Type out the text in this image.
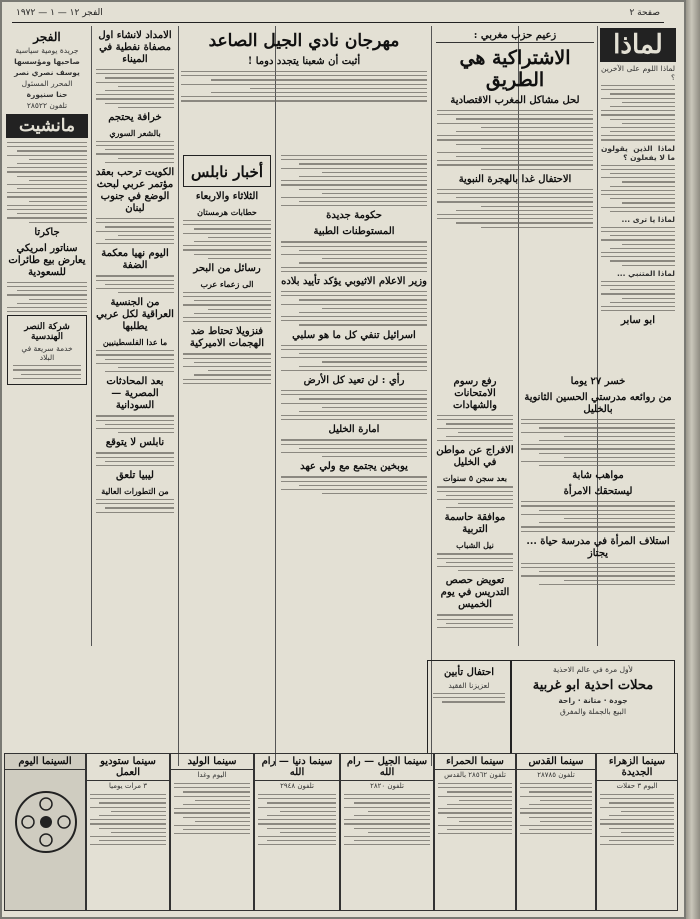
صفحة ٢
الفجر ١٢ — ١ — ١٩٧٢
لماذا
لماذا اللوم على الآخرين ؟
لماذا الذين يقولون ما لا يفعلون ؟
لماذا يا ترى ...
لماذا المتنبي ...
ابو سابر
خسر ٢٧ يوما
من روائعه مدرستي الحسين الثانوية بالخليل
مواهب شابة
ليستحقك الامرأة
استلاف المرأة في مدرسة حياة ... يجتاز
زعيم حزب مغربي :
الاشتراكية هي الطريق
لحل مشاكل المغرب الاقتصادية
الاحتفال غدا بالهجرة النبوية
رفع رسوم الامتحانات والشهادات
الافراج عن مواطن في الخليل
بعد سجن ٥ سنوات
موافقة حاسمة التربية
نيل الشباب
تعويض حصص التدريس في يوم الخميس
مهرجان نادي الجيل الصاعد
أثبت أن شعبنا يتجدد دوما !
حكومة جديدة
المستوطنات الطبية
وزير الاعلام الاثيوبي يؤكد تأييد بلاده
اسرائيل تنفي كل ما هو سلبي
رأي : لن تعيد كل الأرض
امارة الخليل
يوبخين يجتمع مع ولي عهد
أخبار نابلس
الثلاثاء والاربعاء
حطابات هرمستان
رسائل من البحر
الى زعماء عرب
فنزويلا تحتاط ضد الهجمات الاميركية
الامداد لانشاء اول مصفاة نفطية في الميناء
خرافة يحتجم
بالشعر السوري
الكويت ترحب بعقد مؤتمر عربي لبحث الوضع في جنوب لبنان
اليوم نهيا معكمة الضفة
من الجنسية العراقية لكل عربي يطلبها
ما عدا الفلسطينيين
بعد المحادثات المصرية — السودانية
نابلس لا يتوقع
ليبيا تلعق
من التطورات العالية
الفجر
جريدة يومية سياسية
صاحبها ومؤسسها
يوسف نصري نصر
المحرر المسئول
حنا سنيورة
تلفون ٢٨٥٢٢
مانشيت
جاكرتا
سناتور امريكي يعارض بيع طائرات للسعودية
شركة النصر الهندسية
خدمة سريعة في البلاد
لأول مرة في عالم الاحذية
محلات احذية ابو غربية
جودة · متانة · راحة
البيع بالجملة والمفرق
احتفال تأبين
لعزيزنا الفقيد
سينما الزهراء الجديدة
اليوم ٣ حفلات
سينما القدس
تلفون ٢٨٧٨٥
سينما الحمراء
تلفون ٢٨٥٦٢ بالقدس
سينما الجيل — رام الله
تلفون ٢٨٢٠
سينما دنيا — رام الله
تلفون ٢٩٤٨
سينما الوليد
اليوم وغدا
سينما ستوديو العمل
٣ مرات يوميا
السينما اليوم
